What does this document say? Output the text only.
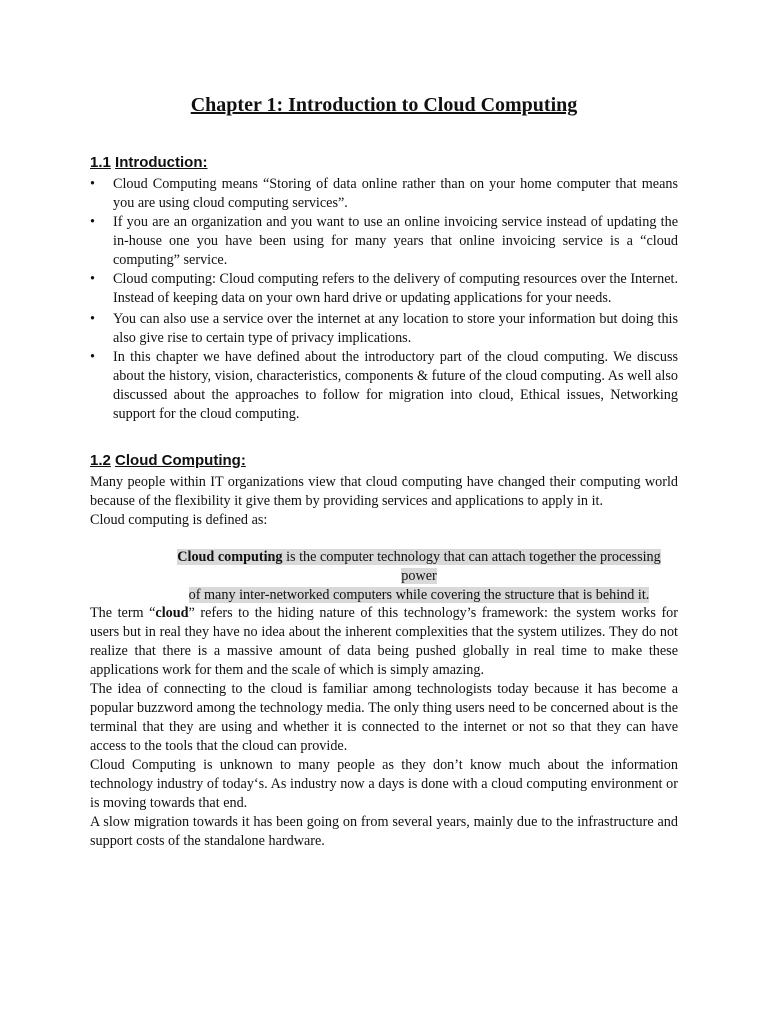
Chapter 1: Introduction to Cloud Computing
1.1 Introduction:
• Cloud Computing means “Storing of data online rather than on your home computer that means you are using cloud computing services”.
• If you are an organization and you want to use an online invoicing service instead of updating the in-house one you have been using for many years that online invoicing service is a “cloud computing” service.
• Cloud computing: Cloud computing refers to the delivery of computing resources over the Internet. Instead of keeping data on your own hard drive or updating applications for your needs.
• You can also use a service over the internet at any location to store your information but doing this also give rise to certain type of privacy implications.
• In this chapter we have defined about the introductory part of the cloud computing. We discuss about the history, vision, characteristics, components & future of the cloud computing. As well also discussed about the approaches to follow for migration into cloud, Ethical issues, Networking support for the cloud computing.
1.2 Cloud Computing:

Many people within IT organizations view that cloud computing have changed their computing world because of the flexibility it give them by providing services and applications to apply in it.

Cloud computing is defined as:

Cloud computing is the computer technology that can attach together the processing power
of many inter-networked computers while covering the structure that is behind it.

The term “cloud” refers to the hiding nature of this technology’s framework: the system works for users but in real they have no idea about the inherent complexities that the system utilizes. They do not realize that there is a massive amount of data being pushed globally in real time to make these applications work for them and the scale of which is simply amazing.

The idea of connecting to the cloud is familiar among technologists today because it has become a popular buzzword among the technology media. The only thing users need to be concerned about is the terminal that they are using and whether it is connected to the internet or not so that they can have access to the tools that the cloud can provide.

Cloud Computing is unknown to many people as they don’t know much about the information technology industry of today‘s. As industry now a days is done with a cloud computing environment or is moving towards that end.

A slow migration towards it has been going on from several years, mainly due to the infrastructure and support costs of the standalone hardware.
